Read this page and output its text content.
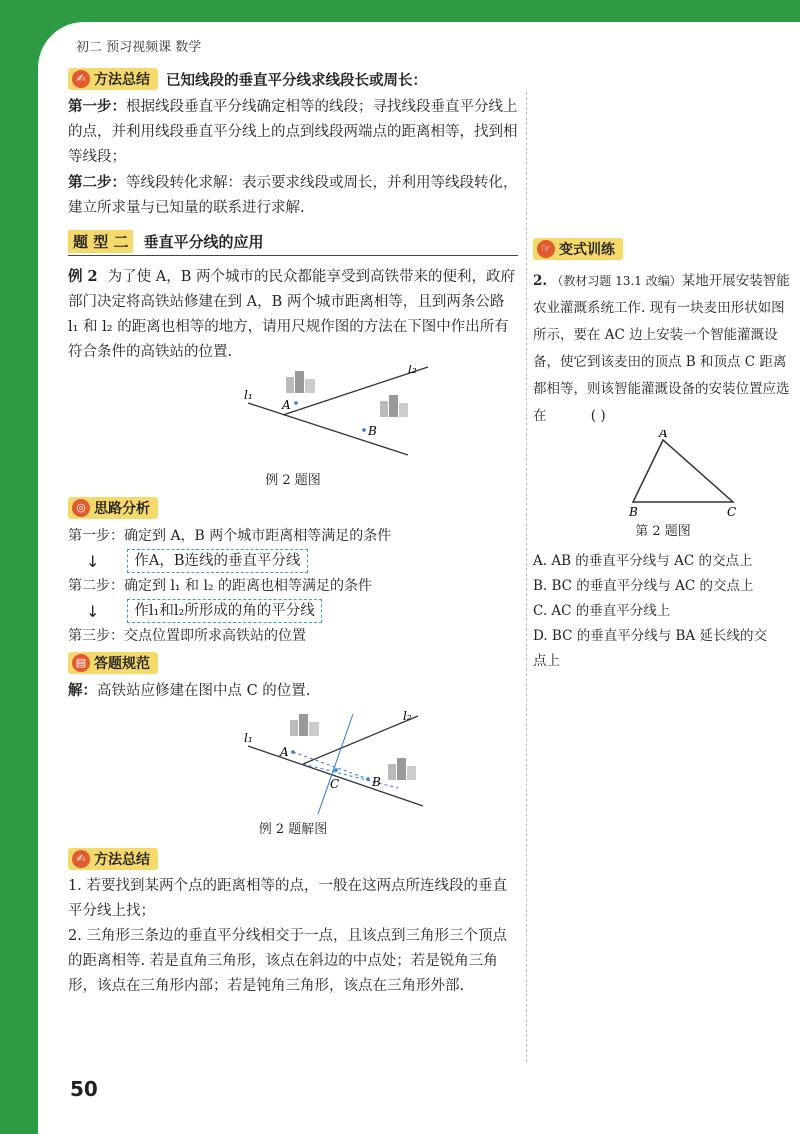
初二 预习视频课 数学
✍ 方法总结 已知线段的垂直平分线求线段长或周长：

第一步：根据线段垂直平分线确定相等的线段；寻找线段垂直平分线上的点，并利用线段垂直平分线上的点到线段两端点的距离相等，找到相等线段；

第二步：等线段转化求解：表示要求线段或周长，并利用等线段转化，建立所求量与已知量的联系进行求解.

题 型 二	垂直平分线的应用

例 2 为了使 A，B 两个城市的民众都能享受到高铁带来的便利，政府部门决定将高铁站修建在到 A，B 两个城市距离相等，且到两条公路 l₁ 和 l₂ 的距离也相等的地方，请用尺规作图的方法在下图中作出所有符合条件的高铁站的位置.

l₁
l₂
A
B
例 2 题图
◎ 思路分析
第一步：确定到 A，B 两个城市距离相等满足的条件
↓	作A，B连线的垂直平分线
第二步：确定到 l₁ 和 l₂ 的距离也相等满足的条件
↓	作l₁和l₂所形成的角的平分线
第三步：交点位置即所求高铁站的位置
▤ 答题规范

解：高铁站应修建在图中点 C 的位置.

l₁
l₂
A
B
C
例 2 题解图
✍ 方法总结

1. 若要找到某两个点的距离相等的点，一般在这两点所连线段的垂直平分线上找；

2. 三角形三条边的垂直平分线相交于一点，且该点到三角形三个顶点的距离相等. 若是直角三角形，该点在斜边的中点处；若是锐角三角形，该点在三角形内部；若是钝角三角形，该点在三角形外部.

☞ 变式训练

2. （教材习题 13.1 改编）某地开展安装智能农业灌溉系统工作. 现有一块麦田形状如图所示，要在 AC 边上安装一个智能灌溉设备，使它到该麦田的顶点 B 和顶点 C 距离都相等，则该智能灌溉设备的安装位置应选在	( )

A
B	C
第 2 题图

A. AB 的垂直平分线与 AC 的交点上

B. BC 的垂直平分线与 AC 的交点上

C. AC 的垂直平分线上

D. BC 的垂直平分线与 BA 延长线的交点上

50
